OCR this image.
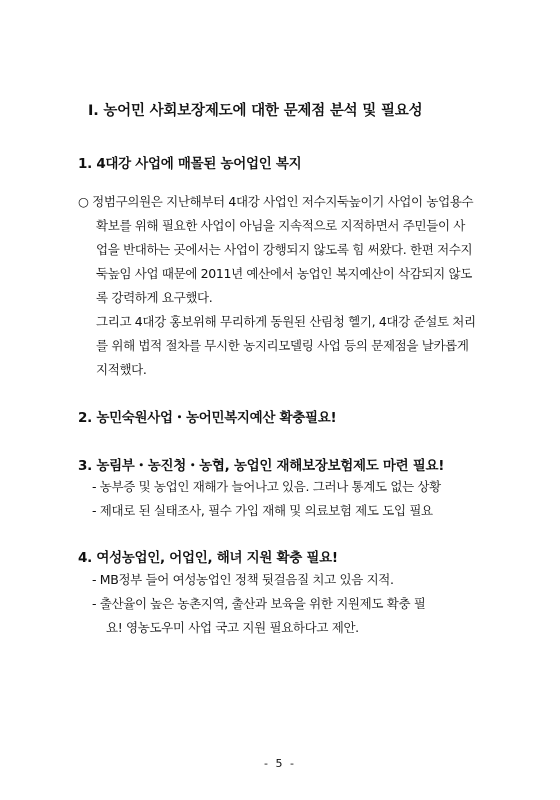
Ⅰ. 농어민 사회보장제도에 대한 문제점 분석 및 필요성
1. 4대강 사업에 매몰된 농어업인 복지
○ 정범구의원은 지난해부터 4대강 사업인 저수지둑높이기 사업이 농업용수
확보를 위해 필요한 사업이 아님을 지속적으로 지적하면서 주민들이 사
업을 반대하는 곳에서는 사업이 강행되지 않도록 힘 써왔다. 한편 저수지
둑높임 사업 때문에 2011년 예산에서 농업인 복지예산이 삭감되지 않도
록 강력하게 요구했다.
그리고 4대강 홍보위해 무리하게 동원된 산림청 헬기, 4대강 준설토 처리
를 위해 법적 절차를 무시한 농지리모델링 사업 등의 문제점을 날카롭게
지적했다.
2. 농민숙원사업・농어민복지예산 확충필요!
3. 농림부・농진청・농협, 농업인 재해보장보험제도 마련 필요!
- 농부증 및 농업인 재해가 늘어나고 있음. 그러나 통계도 없는 상황
- 제대로 된 실태조사, 필수 가입 재해 및 의료보험 제도 도입 필요
4. 여성농업인, 어업인, 해녀 지원 확충 필요!
- MB정부 들어 여성농업인 정책 뒷걸음질 치고 있음 지적.
- 출산율이 높은 농촌지역, 출산과 보육을 위한 지원제도 확충 필
요! 영농도우미 사업 국고 지원 필요하다고 제안.
- 5 -
